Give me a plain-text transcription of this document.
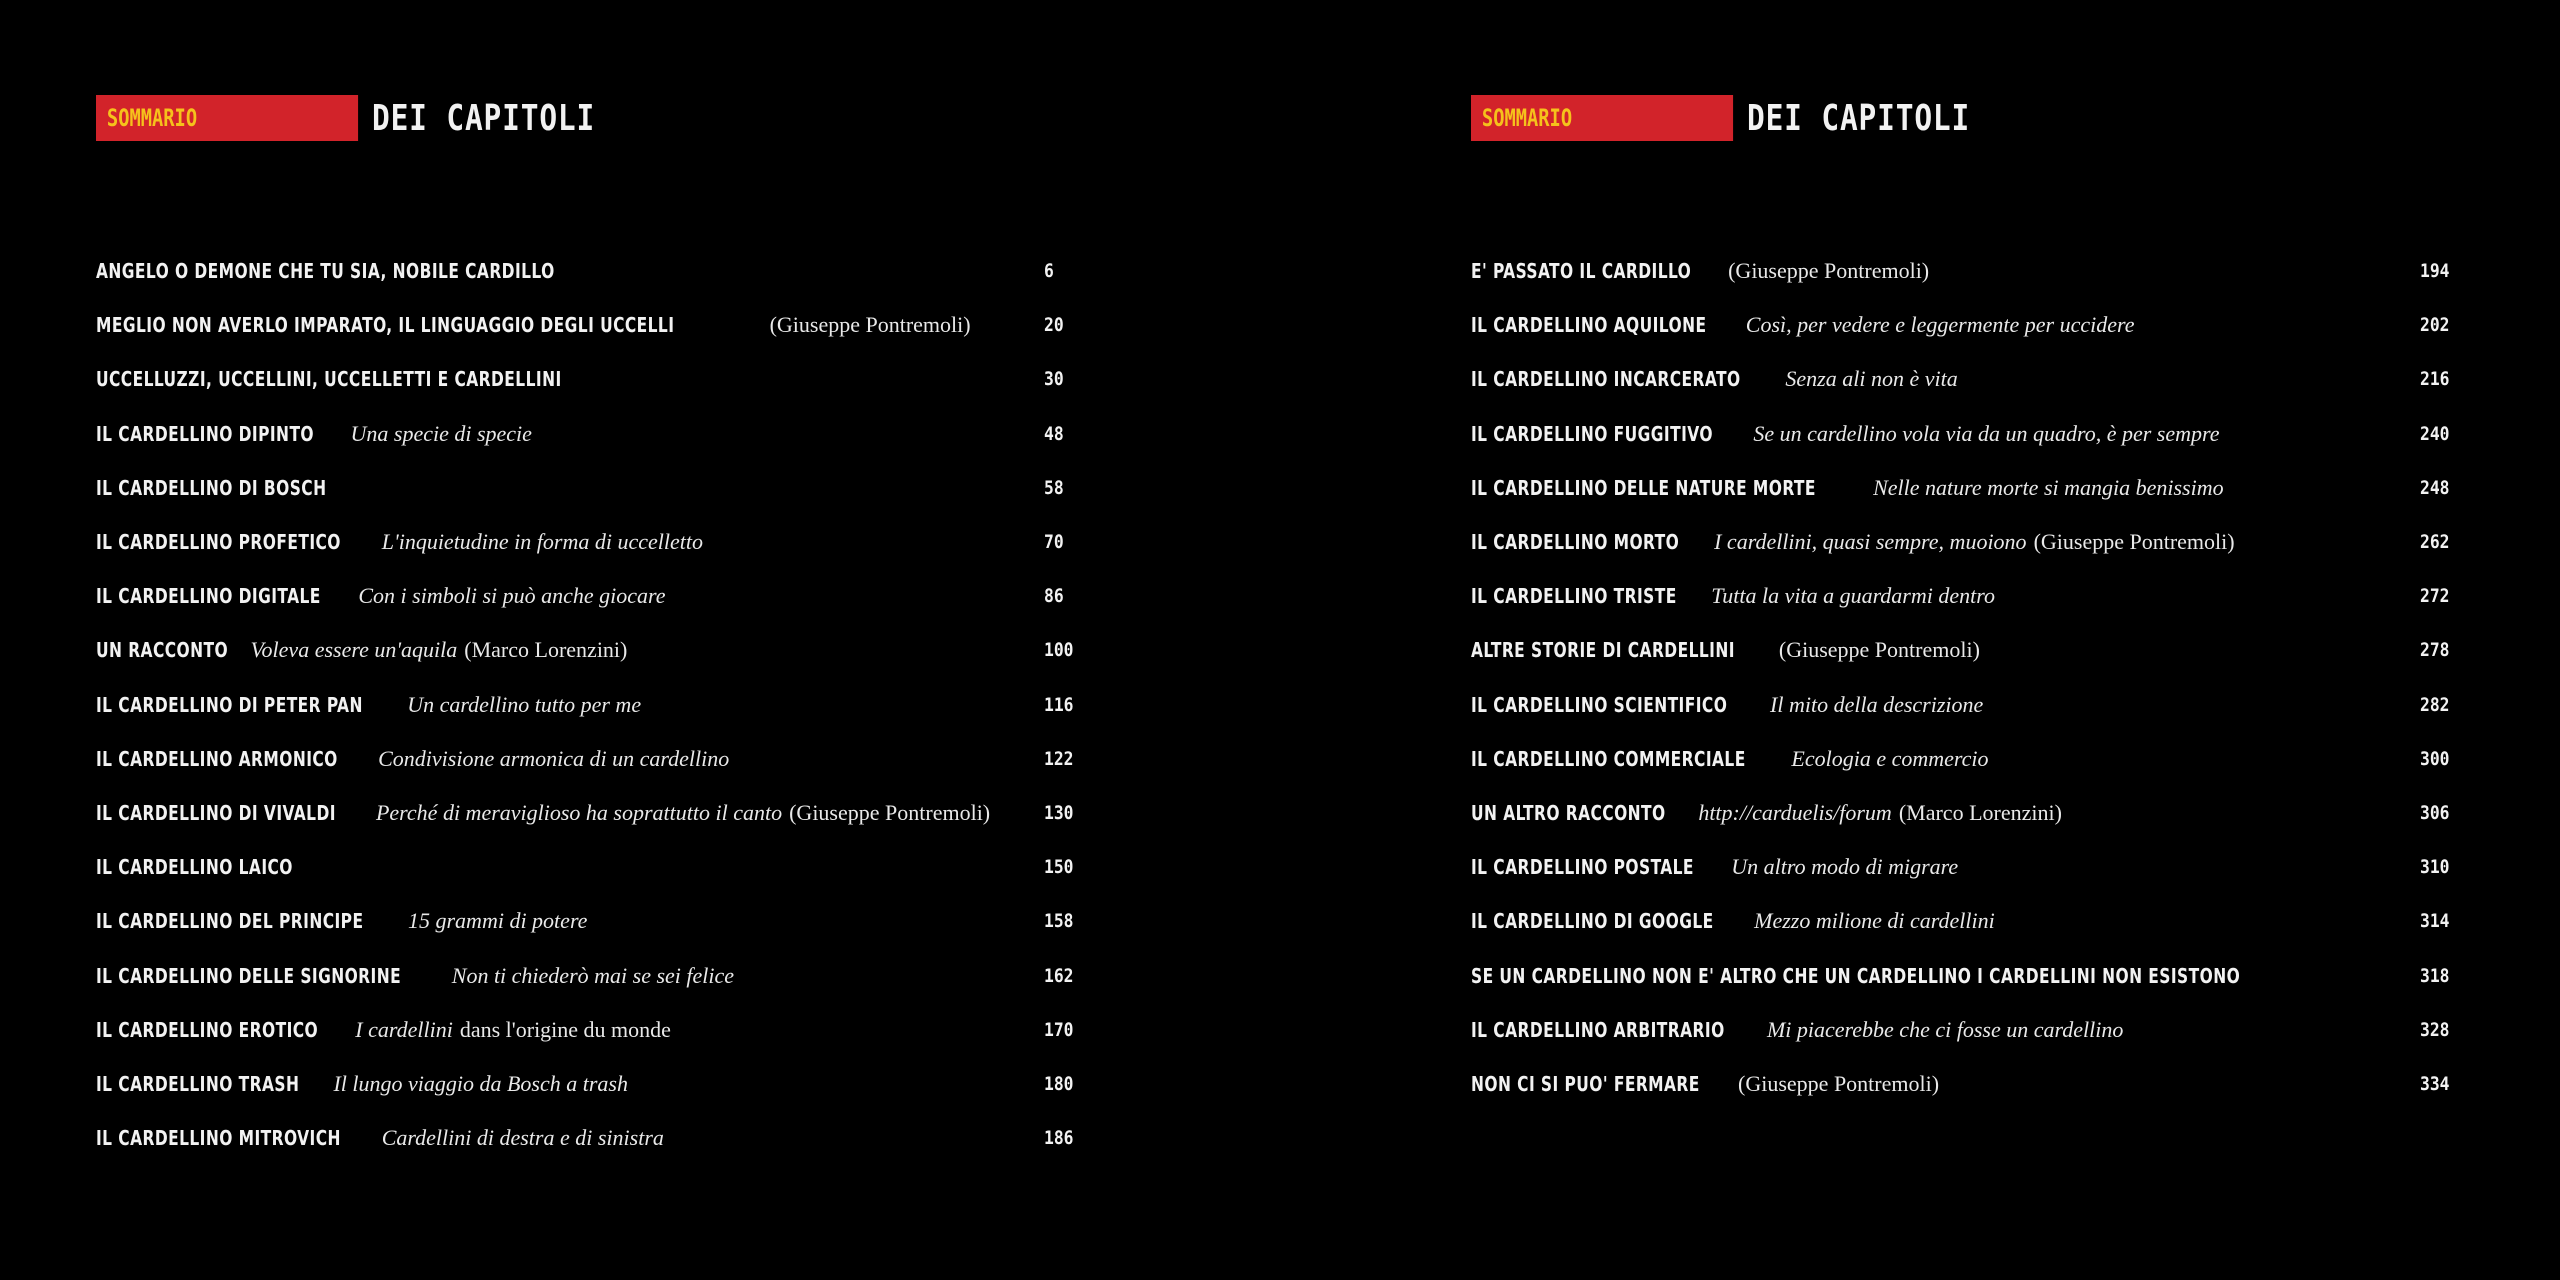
SOMMARIO	DEI CAPITOLI
ANGELO O DEMONE CHE TU SIA, NOBILE CARDILLO	6
MEGLIO NON AVERLO IMPARATO, IL LINGUAGGIO DEGLI UCCELLI	(Giuseppe Pontremoli)	20
UCCELLUZZI, UCCELLINI, UCCELLETTI E CARDELLINI	30
IL CARDELLINO DIPINTO Una specie di specie	48
IL CARDELLINO DI BOSCH	58
IL CARDELLINO PROFETICO L'inquietudine in forma di uccelletto	70
IL CARDELLINO DIGITALE Con i simboli si può anche giocare	86
UN RACCONTO Voleva essere un'aquila (Marco Lorenzini)	100
IL CARDELLINO DI PETER PAN Un cardellino tutto per me	116
IL CARDELLINO ARMONICO Condivisione armonica di un cardellino	122
IL CARDELLINO DI VIVALDI Perché di meraviglioso ha soprattutto il canto (Giuseppe Pontremoli)	130
IL CARDELLINO LAICO	150
IL CARDELLINO DEL PRINCIPE 15 grammi di potere	158
IL CARDELLINO DELLE SIGNORINE Non ti chiederò mai se sei felice	162
IL CARDELLINO EROTICO I cardellini dans l'origine du monde	170
IL CARDELLINO TRASH Il lungo viaggio da Bosch a trash	180
IL CARDELLINO MITROVICH Cardellini di destra e di sinistra	186
SOMMARIO	DEI CAPITOLI
E' PASSATO IL CARDILLO (Giuseppe Pontremoli)	194
IL CARDELLINO AQUILONE Così, per vedere e leggermente per uccidere	202
IL CARDELLINO INCARCERATO Senza ali non è vita	216
IL CARDELLINO FUGGITIVO Se un cardellino vola via da un quadro, è per sempre	240
IL CARDELLINO DELLE NATURE MORTE	Nelle nature morte si mangia benissimo	248
IL CARDELLINO MORTO I cardellini, quasi sempre, muoiono (Giuseppe Pontremoli)	262
IL CARDELLINO TRISTE Tutta la vita a guardarmi dentro	272
ALTRE STORIE DI CARDELLINI (Giuseppe Pontremoli)	278
IL CARDELLINO SCIENTIFICO Il mito della descrizione	282
IL CARDELLINO COMMERCIALE Ecologia e commercio	300
UN ALTRO RACCONTO http://carduelis/forum (Marco Lorenzini)	306
IL CARDELLINO POSTALE Un altro modo di migrare	310
IL CARDELLINO DI GOOGLE Mezzo milione di cardellini	314
SE UN CARDELLINO NON E' ALTRO CHE UN CARDELLINO I CARDELLINI NON ESISTONO	318
IL CARDELLINO ARBITRARIO Mi piacerebbe che ci fosse un cardellino	328
NON CI SI PUO' FERMARE (Giuseppe Pontremoli)	334
